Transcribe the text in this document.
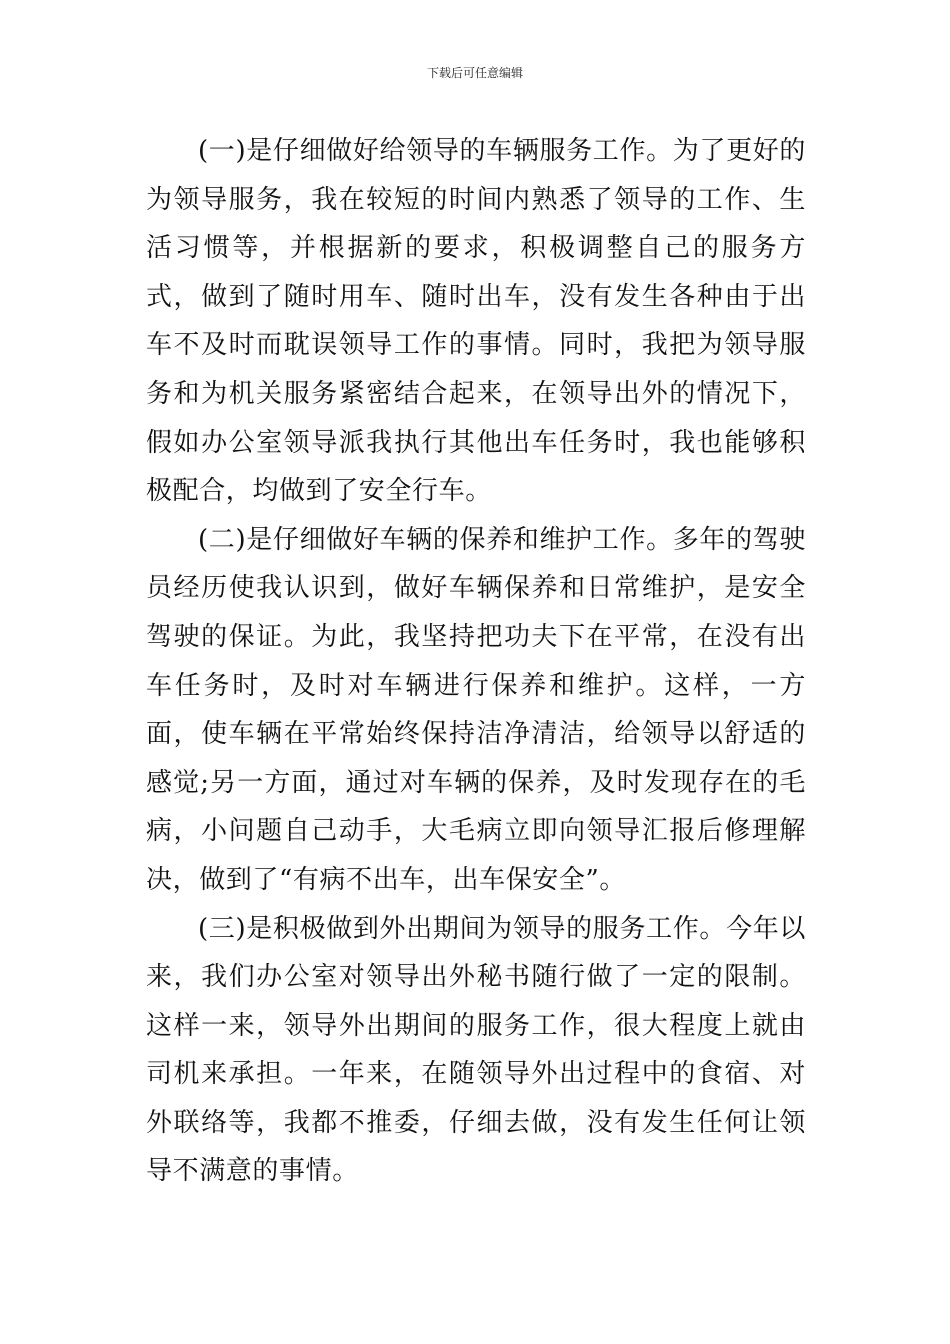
下载后可任意编辑

(一)是仔细做好给领导的车辆服务工作。为了更好的为领导服务，我在较短的时间内熟悉了领导的工作、生活习惯等，并根据新的要求，积极调整自己的服务方式，做到了随时用车、随时出车，没有发生各种由于出车不及时而耽误领导工作的事情。同时，我把为领导服务和为机关服务紧密结合起来，在领导出外的情况下，假如办公室领导派我执行其他出车任务时，我也能够积极配合，均做到了安全行车。

(二)是仔细做好车辆的保养和维护工作。多年的驾驶员经历使我认识到，做好车辆保养和日常维护，是安全驾驶的保证。为此，我坚持把功夫下在平常，在没有出车任务时，及时对车辆进行保养和维护。这样，一方面，使车辆在平常始终保持洁净清洁，给领导以舒适的感觉;另一方面，通过对车辆的保养，及时发现存在的毛病，小问题自己动手，大毛病立即向领导汇报后修理解决，做到了“有病不出车，出车保安全”。

(三)是积极做到外出期间为领导的服务工作。今年以来，我们办公室对领导出外秘书随行做了一定的限制。这样一来，领导外出期间的服务工作，很大程度上就由司机来承担。一年来，在随领导外出过程中的食宿、对外联络等，我都不推委，仔细去做，没有发生任何让领导不满意的事情。
